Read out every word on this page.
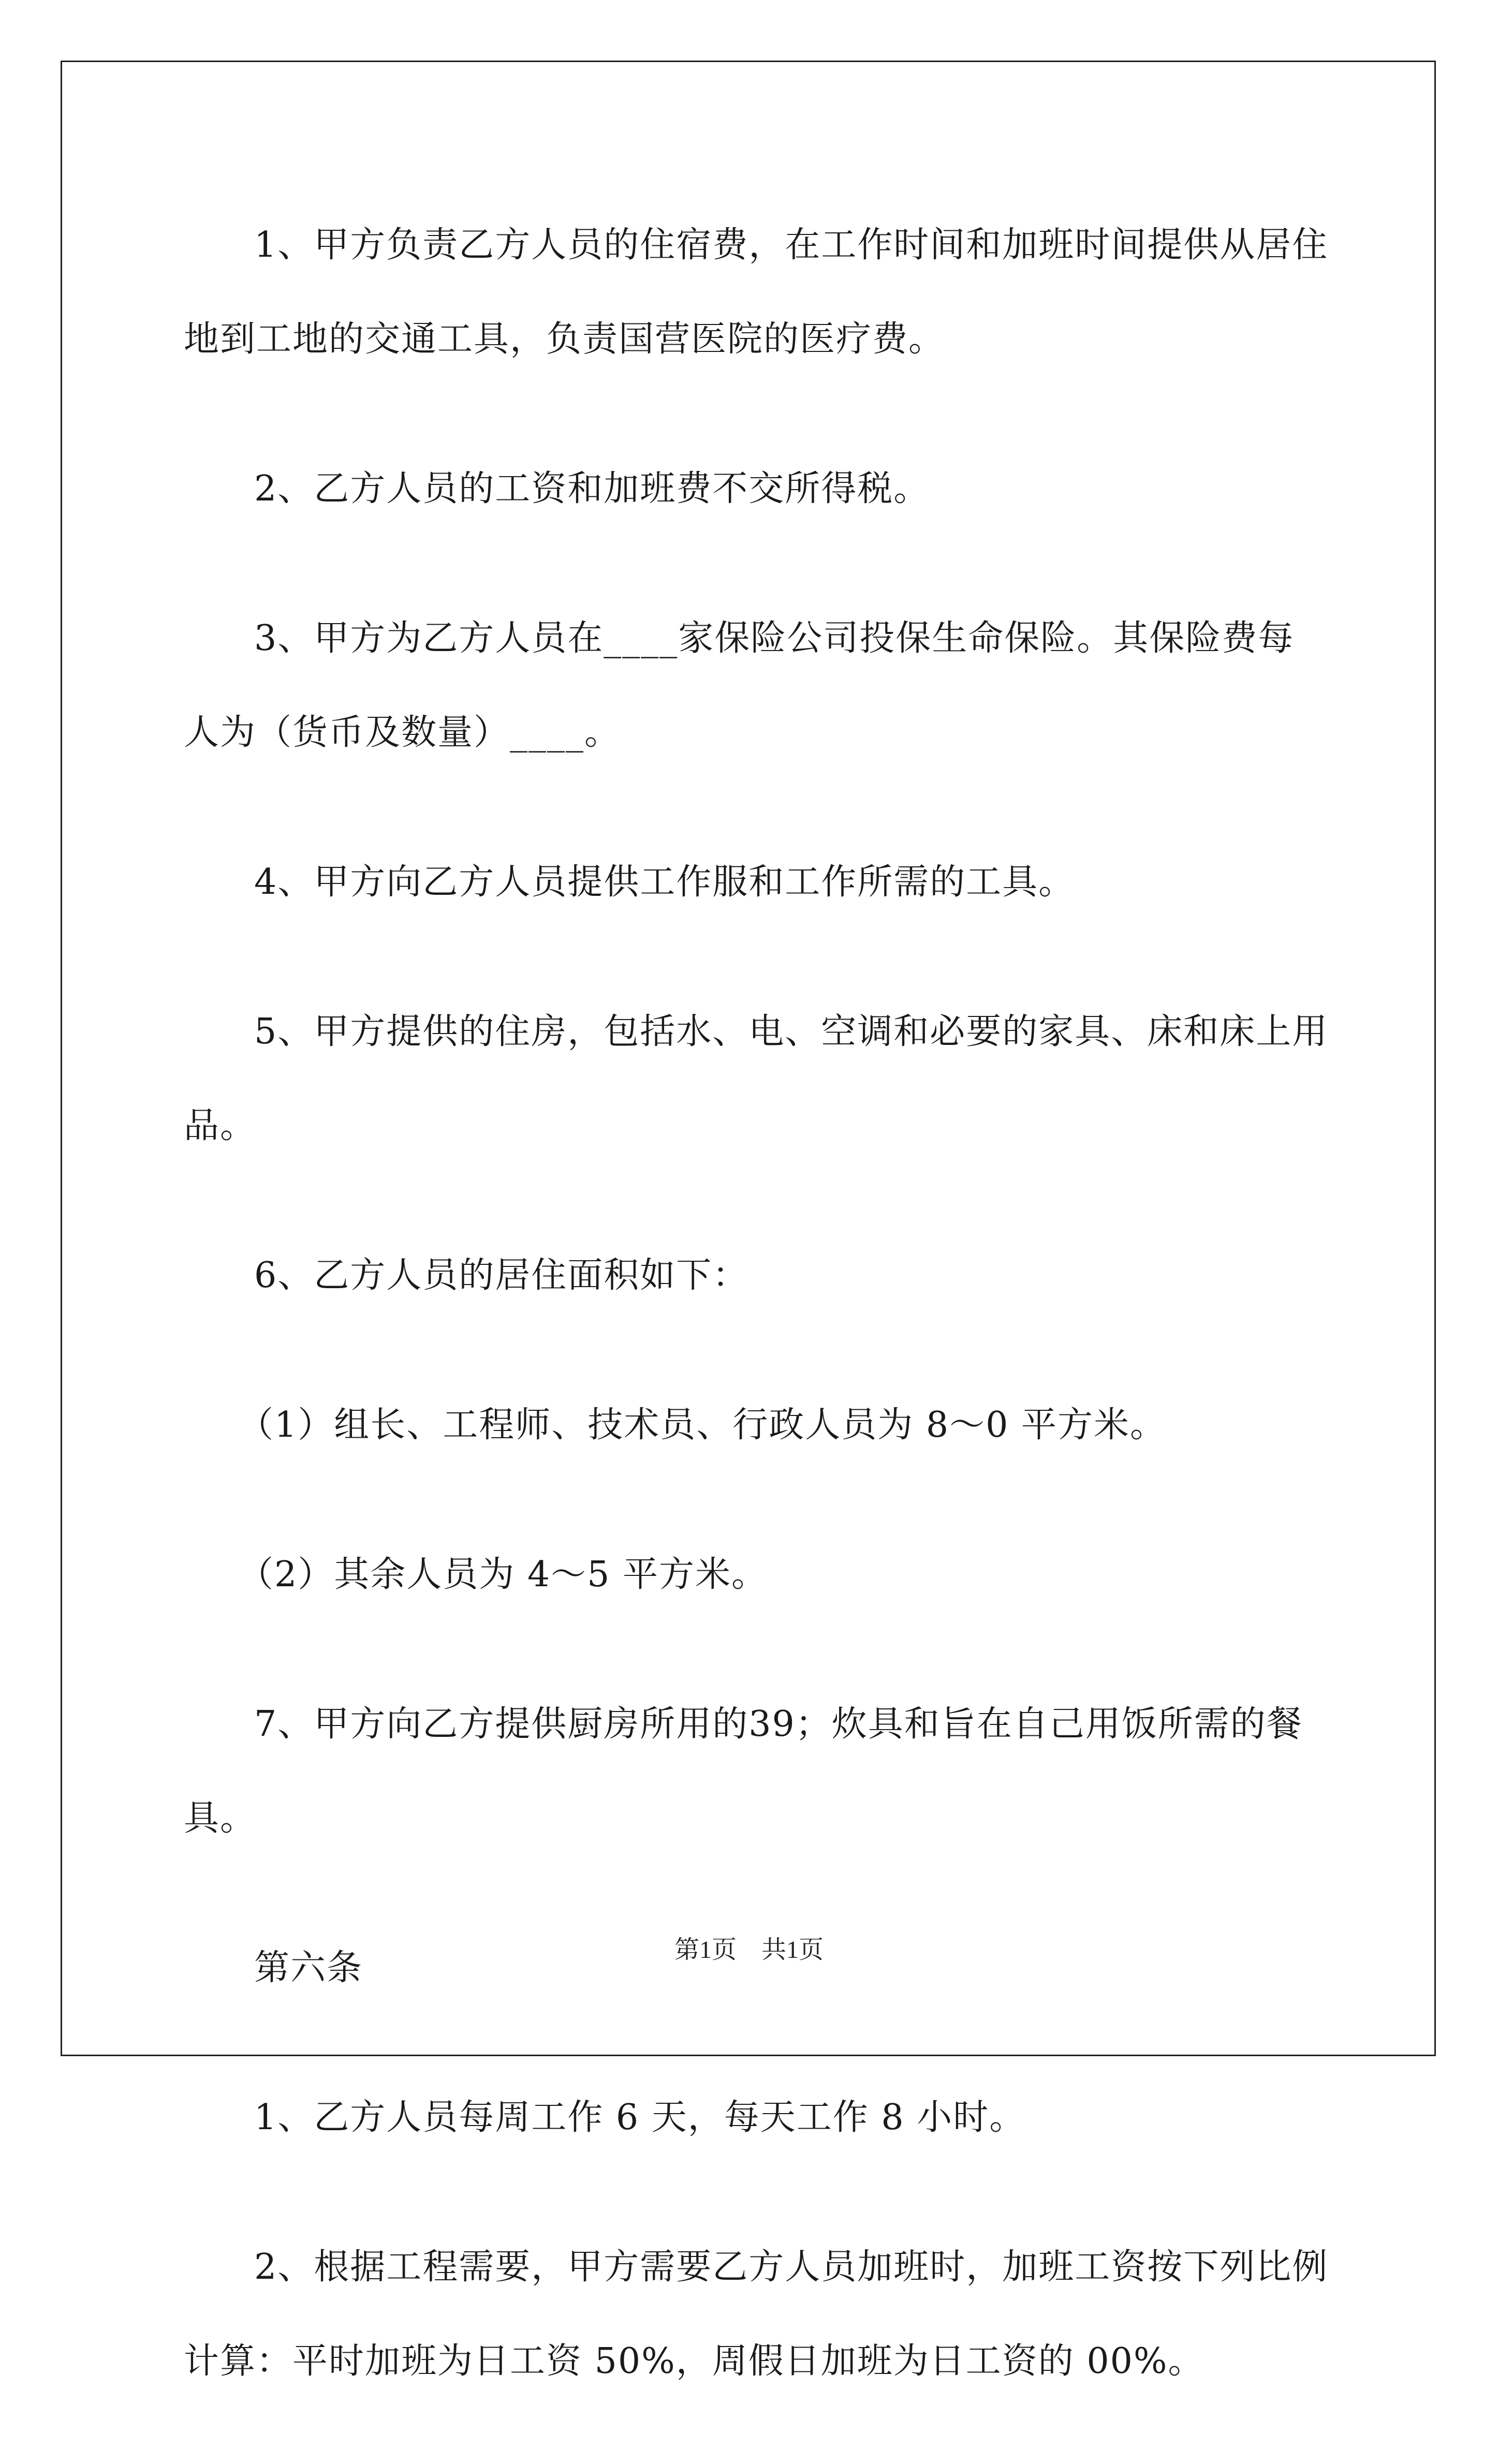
1、甲方负责乙方人员的住宿费，在工作时间和加班时间提供从居住地到工地的交通工具，负责国营医院的医疗费。

2、乙方人员的工资和加班费不交所得税。

3、甲方为乙方人员在____家保险公司投保生命保险。其保险费每人为（货币及数量）____。

4、甲方向乙方人员提供工作服和工作所需的工具。

5、甲方提供的住房，包括水、电、空调和必要的家具、床和床上用品。

6、乙方人员的居住面积如下：

（1）组长、工程师、技术员、行政人员为 8～0 平方米。

（2）其余人员为 4～5 平方米。

7、甲方向乙方提供厨房所用的39；炊具和旨在自己用饭所需的餐具。

第六条

1、乙方人员每周工作 6 天，每天工作 8 小时。

2、根据工程需要，甲方需要乙方人员加班时，加班工资按下列比例计算：平时加班为日工资 50%，周假日加班为日工资的 00%。

第1页　共1页
